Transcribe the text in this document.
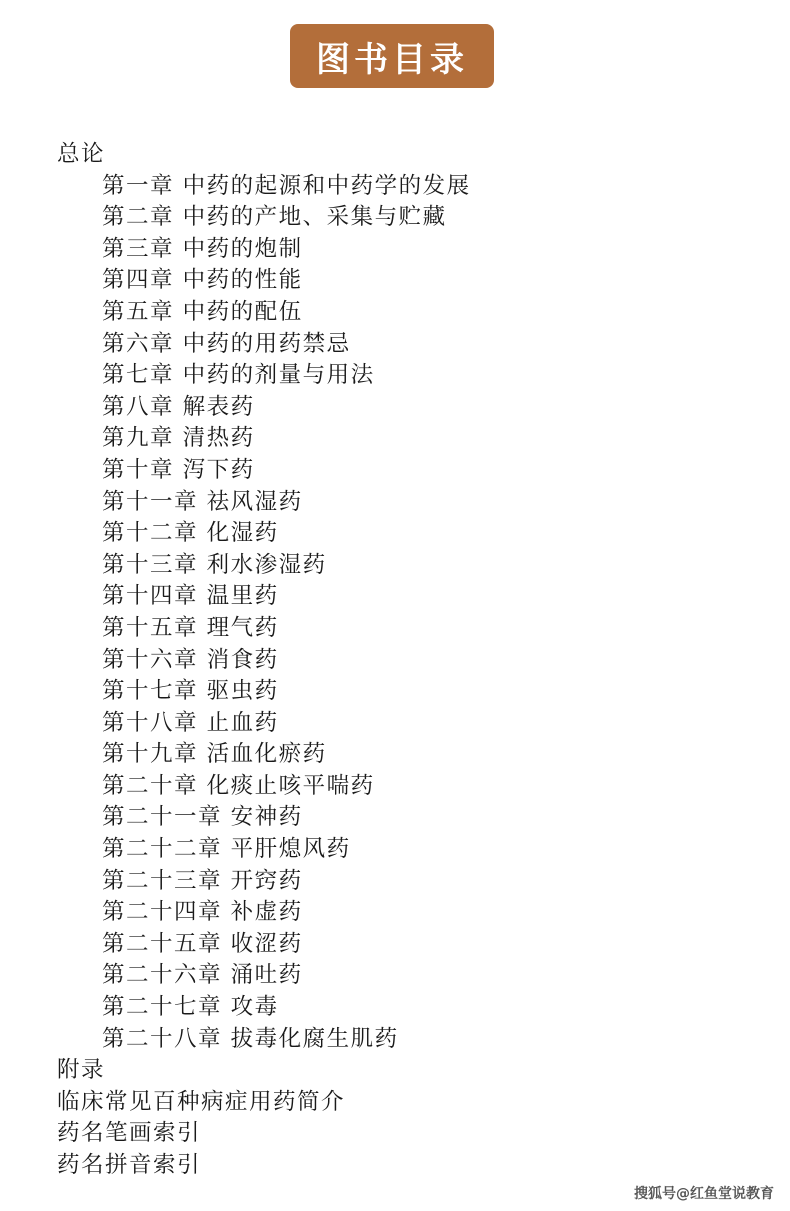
图书目录
总论
第一章 中药的起源和中药学的发展
第二章 中药的产地、采集与贮藏
第三章 中药的炮制
第四章 中药的性能
第五章 中药的配伍
第六章 中药的用药禁忌
第七章 中药的剂量与用法
第八章 解表药
第九章 清热药
第十章 泻下药
第十一章 祛风湿药
第十二章 化湿药
第十三章 利水渗湿药
第十四章 温里药
第十五章 理气药
第十六章 消食药
第十七章 驱虫药
第十八章 止血药
第十九章 活血化瘀药
第二十章 化痰止咳平喘药
第二十一章 安神药
第二十二章 平肝熄风药
第二十三章 开窍药
第二十四章 补虚药
第二十五章 收涩药
第二十六章 涌吐药
第二十七章 攻毒
第二十八章 拔毒化腐生肌药
附录
临床常见百种病症用药简介
药名笔画索引
药名拼音索引
搜狐号@红鱼堂说教育
